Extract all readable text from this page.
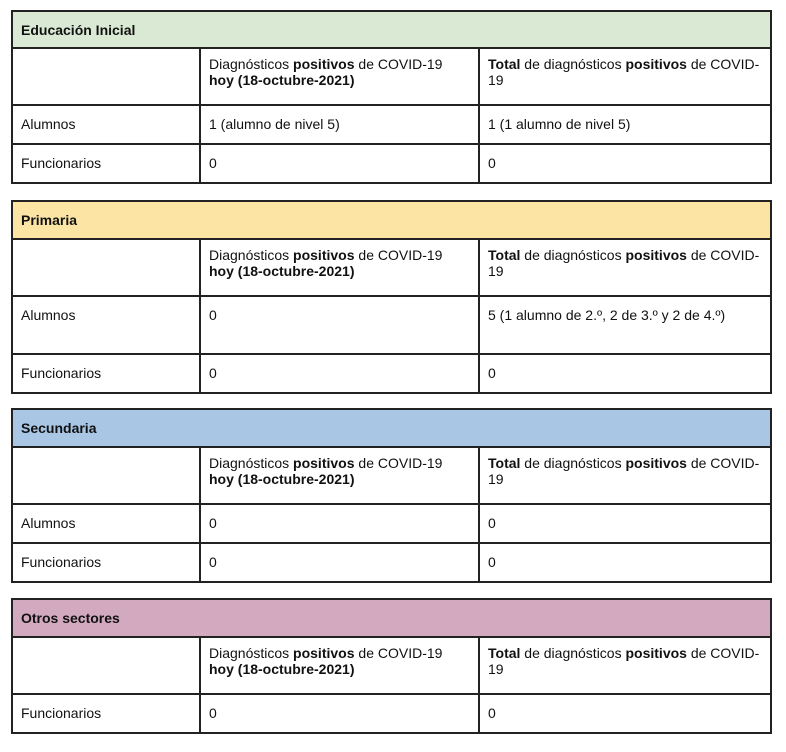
Educación Inicial		
	Diagnósticos positivos de COVID-19 hoy (18-octubre-2021)	Total de diagnósticos positivos de COVID-19
Alumnos	1 (alumno de nivel 5)	1 (1 alumno de nivel 5)
Funcionarios	0	0
Primaria		
	Diagnósticos positivos de COVID-19 hoy (18-octubre-2021)	Total de diagnósticos positivos de COVID-19
Alumnos	0	5 (1 alumno de 2.º, 2 de 3.º y 2 de 4.º)
Funcionarios	0	0
Secundaria		
	Diagnósticos positivos de COVID-19 hoy (18-octubre-2021)	Total de diagnósticos positivos de COVID-19
Alumnos	0	0
Funcionarios	0	0
Otros sectores		
	Diagnósticos positivos de COVID-19 hoy (18-octubre-2021)	Total de diagnósticos positivos de COVID-19
Funcionarios	0	0
